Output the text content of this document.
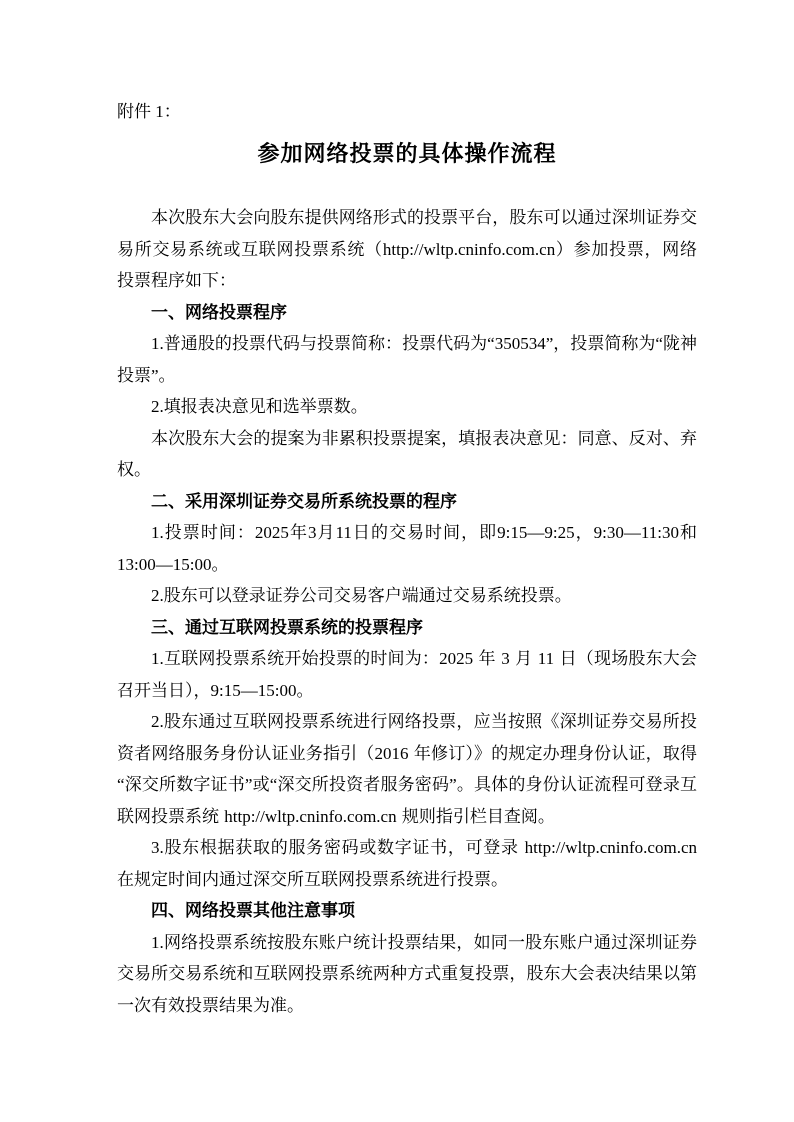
附件 1：

参加网络投票的具体操作流程

本次股东大会向股东提供网络形式的投票平台，股东可以通过深圳证券交易所交易系统或互联网投票系统（http://wltp.cninfo.com.cn）参加投票，网络投票程序如下：

一、网络投票程序

1.普通股的投票代码与投票简称：投票代码为“350534”，投票简称为“陇神投票”。

2.填报表决意见和选举票数。

本次股东大会的提案为非累积投票提案，填报表决意见：同意、反对、弃权。

二、采用深圳证券交易所系统投票的程序

1.投票时间：2025年3月11日的交易时间，即9:15—9:25，9:30—11:30和13:00—15:00。

2.股东可以登录证券公司交易客户端通过交易系统投票。

三、通过互联网投票系统的投票程序

1.互联网投票系统开始投票的时间为：2025 年 3 月 11 日（现场股东大会召开当日），9:15—15:00。

2.股东通过互联网投票系统进行网络投票，应当按照《深圳证券交易所投资者网络服务身份认证业务指引（2016 年修订）》的规定办理身份认证，取得“深交所数字证书”或“深交所投资者服务密码”。具体的身份认证流程可登录互联网投票系统 http://wltp.cninfo.com.cn 规则指引栏目查阅。

3.股东根据获取的服务密码或数字证书，可登录 http://wltp.cninfo.com.cn 在规定时间内通过深交所互联网投票系统进行投票。

四、网络投票其他注意事项

1.网络投票系统按股东账户统计投票结果，如同一股东账户通过深圳证券交易所交易系统和互联网投票系统两种方式重复投票，股东大会表决结果以第一次有效投票结果为准。
